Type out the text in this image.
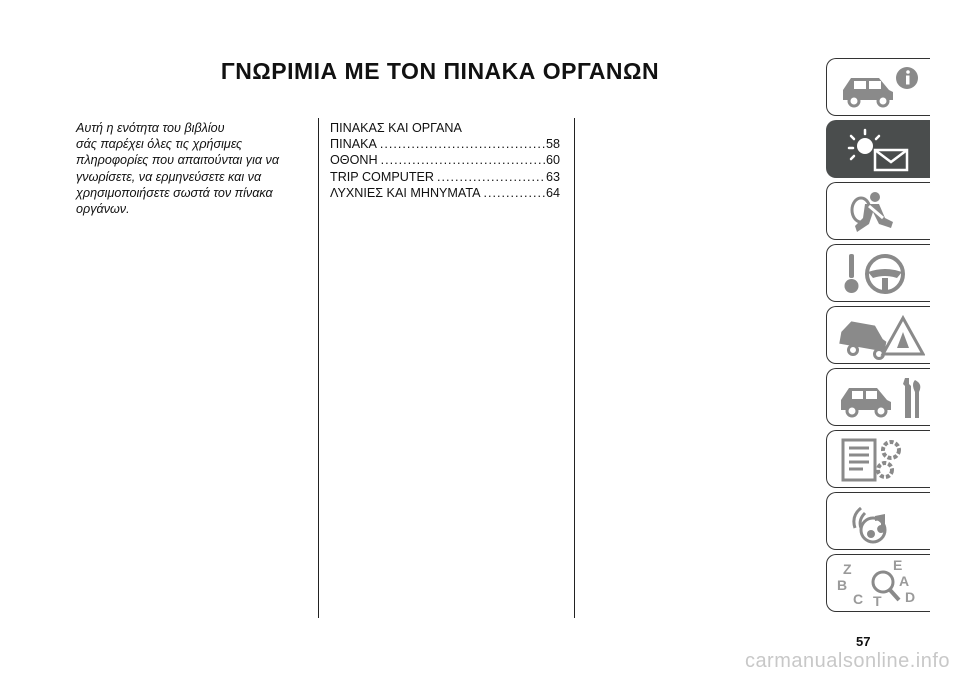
ΓΝΩΡΙΜΙΑ ΜΕ ΤΟΝ ΠΙΝΑΚΑ ΟΡΓΑΝΩΝ
Αυτή η ενότητα του βιβλίου
σάς παρέχει όλες τις χρήσιμες
πληροφορίες που απαιτούνται για να
γνωρίσετε, να ερμηνεύσετε και να
χρησιμοποιήσετε σωστά τον πίνακα
οργάνων.
ΠΙΝΑΚΑΣ ΚΑΙ ΟΡΓΑΝΑ
ΠΙΝΑΚΑ .....	58
ΟΘΟΝΗ .....	60
TRIP COMPUTER .....	63
ΛΥΧΝΙΕΣ ΚΑΙ ΜΗΝΥΜΑΤΑ .....	64
Z	E
B	A
C T D
57
carmanualsonline.info
